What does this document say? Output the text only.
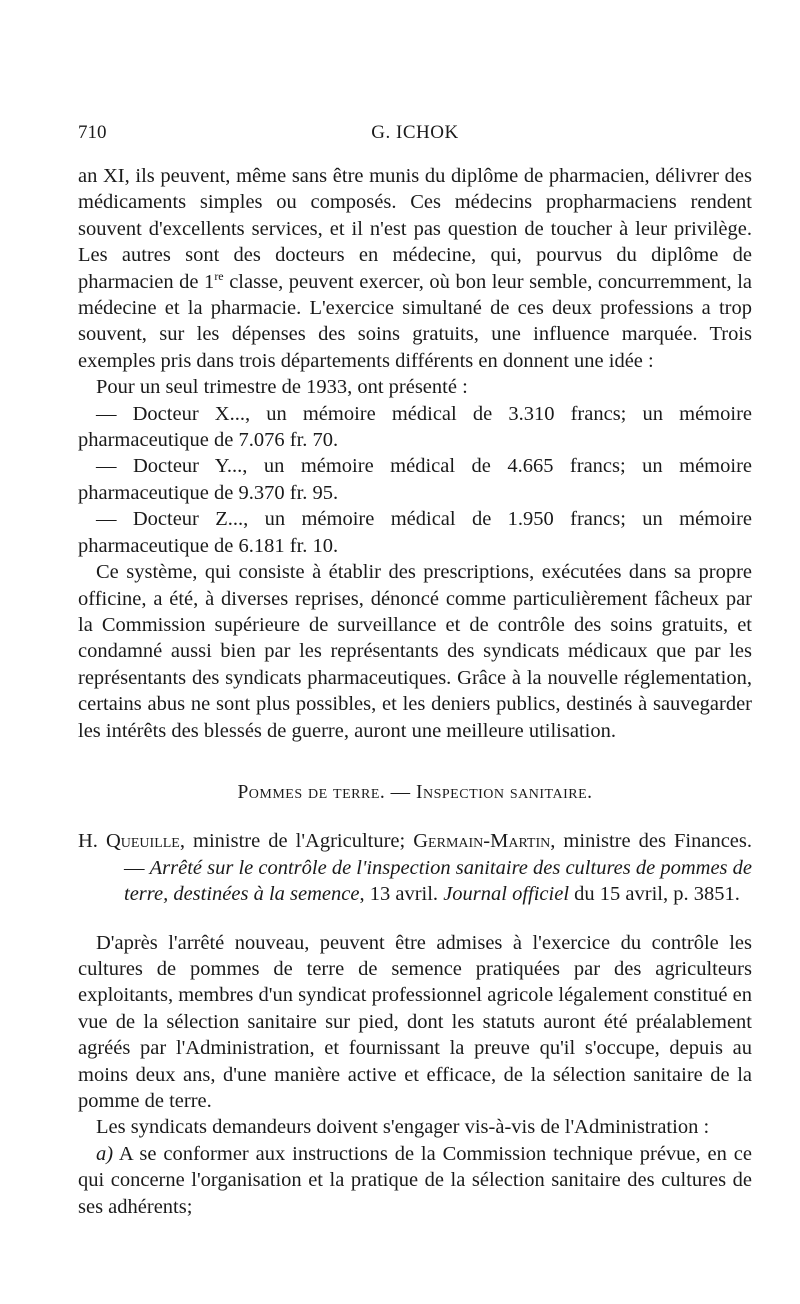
710	G. ICHOK

an XI, ils peuvent, même sans être munis du diplôme de pharmacien, délivrer des médicaments simples ou composés. Ces médecins propharmaciens rendent souvent d'excellents services, et il n'est pas question de toucher à leur privilège. Les autres sont des docteurs en médecine, qui, pourvus du diplôme de pharmacien de 1re classe, peuvent exercer, où bon leur semble, concurremment, la médecine et la pharmacie. L'exercice simultané de ces deux professions a trop souvent, sur les dépenses des soins gratuits, une influence marquée. Trois exemples pris dans trois départements différents en donnent une idée :

Pour un seul trimestre de 1933, ont présenté :

— Docteur X..., un mémoire médical de 3.310 francs; un mémoire pharmaceutique de 7.076 fr. 70.

— Docteur Y..., un mémoire médical de 4.665 francs; un mémoire pharmaceutique de 9.370 fr. 95.

— Docteur Z..., un mémoire médical de 1.950 francs; un mémoire pharmaceutique de 6.181 fr. 10.

Ce système, qui consiste à établir des prescriptions, exécutées dans sa propre officine, a été, à diverses reprises, dénoncé comme particulièrement fâcheux par la Commission supérieure de surveillance et de contrôle des soins gratuits, et condamné aussi bien par les représentants des syndicats médicaux que par les représentants des syndicats pharmaceutiques. Grâce à la nouvelle réglementation, certains abus ne sont plus possibles, et les deniers publics, destinés à sauvegarder les intérêts des blessés de guerre, auront une meilleure utilisation.

Pommes de terre. — Inspection sanitaire.

H. Queuille, ministre de l'Agriculture; Germain-Martin, ministre des Finances. — Arrêté sur le contrôle de l'inspection sanitaire des cultures de pommes de terre, destinées à la semence, 13 avril. Journal officiel du 15 avril, p. 3851.

D'après l'arrêté nouveau, peuvent être admises à l'exercice du contrôle les cultures de pommes de terre de semence pratiquées par des agriculteurs exploitants, membres d'un syndicat professionnel agricole légalement constitué en vue de la sélection sanitaire sur pied, dont les statuts auront été préalablement agréés par l'Administration, et fournissant la preuve qu'il s'occupe, depuis au moins deux ans, d'une manière active et efficace, de la sélection sanitaire de la pomme de terre.

Les syndicats demandeurs doivent s'engager vis-à-vis de l'Administration :

a) A se conformer aux instructions de la Commission technique prévue, en ce qui concerne l'organisation et la pratique de la sélection sanitaire des cultures de ses adhérents;
